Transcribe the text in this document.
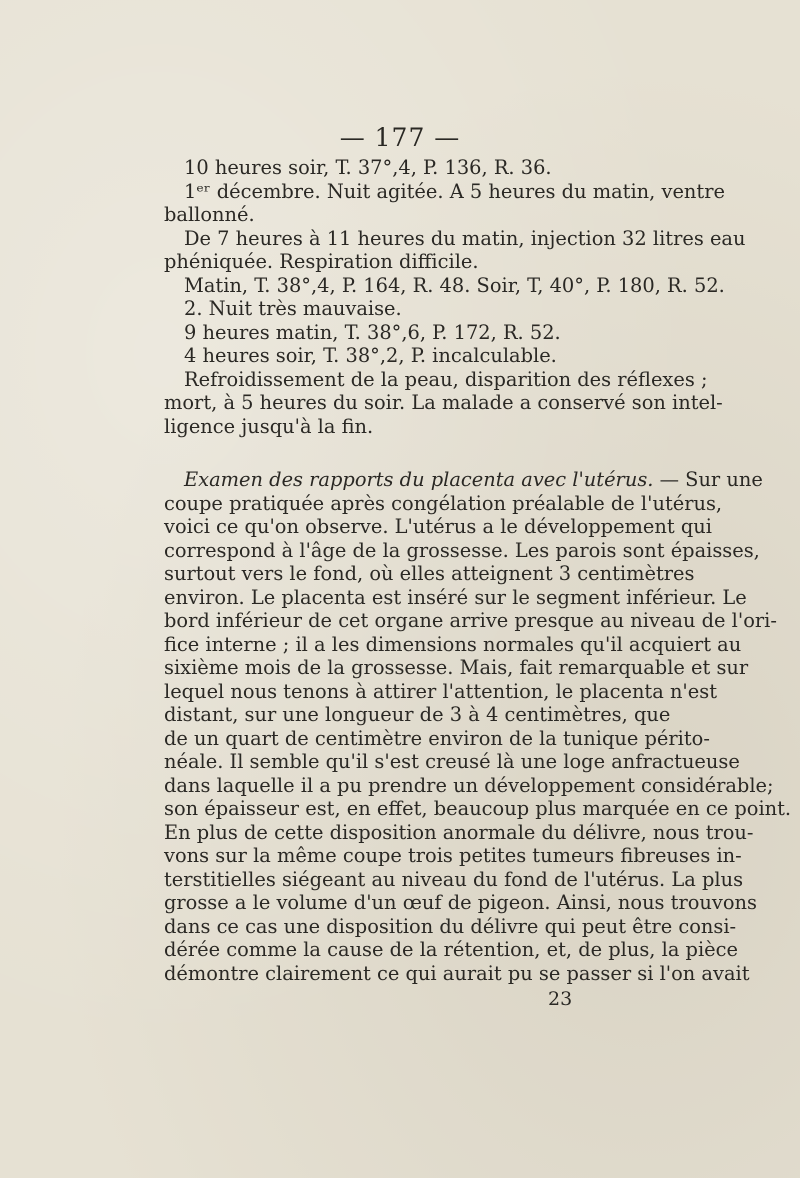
— 177 —

10 heures soir, T. 37°,4, P. 136, R. 36.
1ᵉʳ décembre. Nuit agitée. A 5 heures du matin, ventre
ballonné.
De 7 heures à 11 heures du matin, injection 32 litres eau
phéniquée. Respiration difficile.
Matin, T. 38°,4, P. 164, R. 48. Soir, T, 40°, P. 180, R. 52.
2. Nuit très mauvaise.
9 heures matin, T. 38°,6, P. 172, R. 52.
4 heures soir, T. 38°,2, P. incalculable.
Refroidissement de la peau, disparition des réflexes ;
mort, à 5 heures du soir. La malade a conservé son intel-
ligence jusqu'à la fin.
Examen des rapports du placenta avec l'utérus. — Sur une
coupe pratiquée après congélation préalable de l'utérus,
voici ce qu'on observe. L'utérus a le développement qui
correspond à l'âge de la grossesse. Les parois sont épaisses,
surtout vers le fond, où elles atteignent 3 centimètres
environ. Le placenta est inséré sur le segment inférieur. Le
bord inférieur de cet organe arrive presque au niveau de l'ori-
fice interne ; il a les dimensions normales qu'il acquiert au
sixième mois de la grossesse. Mais, fait remarquable et sur
lequel nous tenons à attirer l'attention, le placenta n'est
distant, sur une longueur de 3 à 4 centimètres, que
de un quart de centimètre environ de la tunique périto-
néale. Il semble qu'il s'est creusé là une loge anfractueuse
dans laquelle il a pu prendre un développement considérable;
son épaisseur est, en effet, beaucoup plus marquée en ce point.
En plus de cette disposition anormale du délivre, nous trou-
vons sur la même coupe trois petites tumeurs fibreuses in-
terstitielles siégeant au niveau du fond de l'utérus. La plus
grosse a le volume d'un œuf de pigeon. Ainsi, nous trouvons
dans ce cas une disposition du délivre qui peut être consi-
dérée comme la cause de la rétention, et, de plus, la pièce
démontre clairement ce qui aurait pu se passer si l'on avait

23
